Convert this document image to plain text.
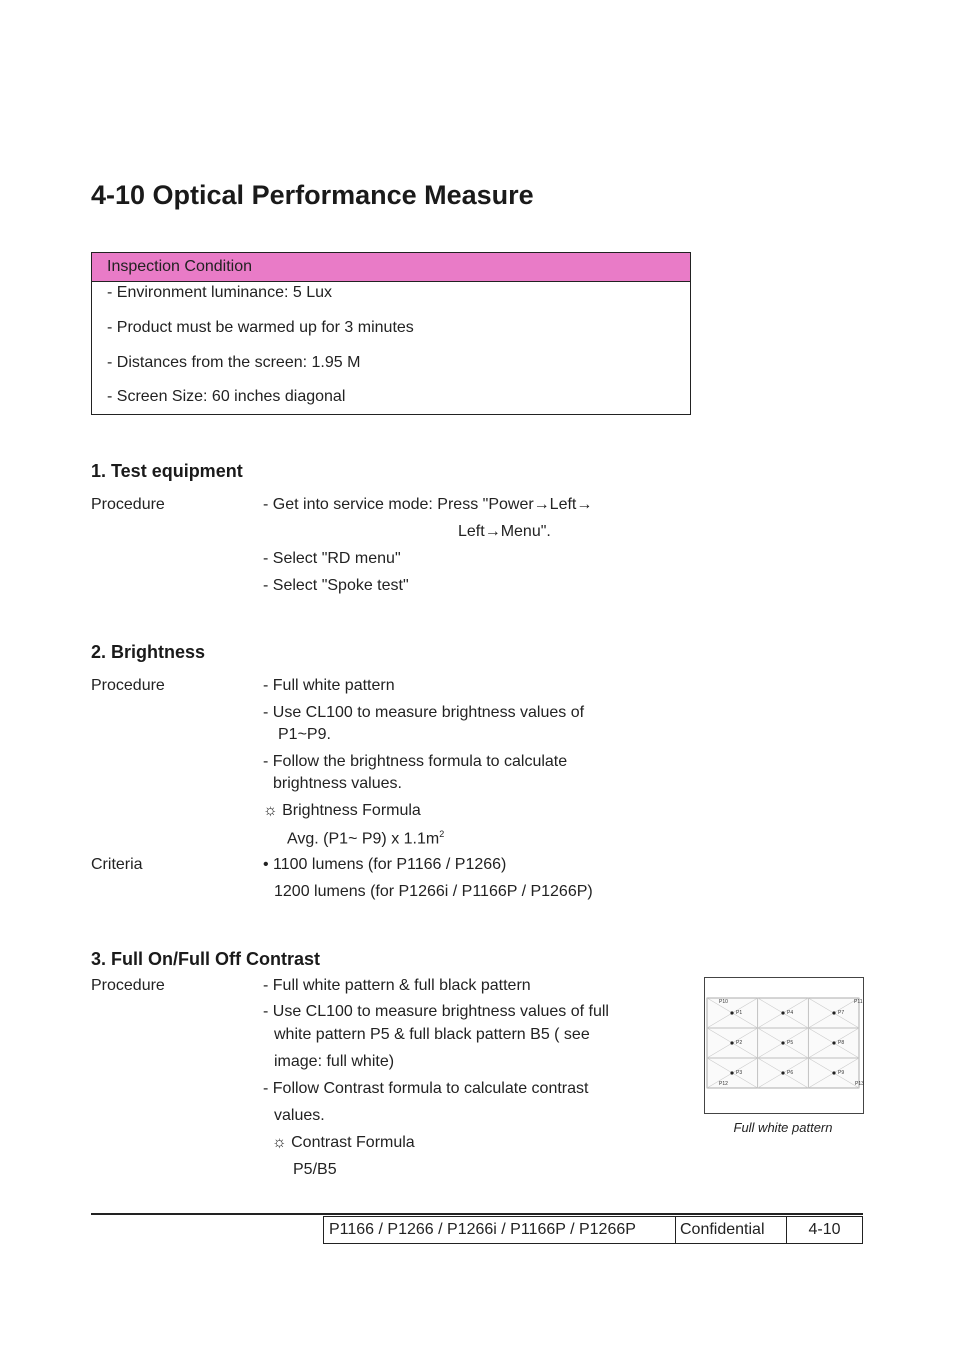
4-10 Optical Performance Measure
Inspection Condition
- Environment luminance: 5 Lux
- Product must be warmed up for 3 minutes
- Distances from the screen: 1.95 M
- Screen Size: 60 inches diagonal
1. Test equipment
Procedure	- Get into service mode: Press "Power→Left→
Left→Menu".
- Select "RD menu"
- Select "Spoke test"
2. Brightness
Procedure	- Full white pattern
- Use CL100 to measure brightness values of
P1~P9.
- Follow the brightness formula to calculate
brightness values.
☼ Brightness Formula
Avg. (P1~ P9) x $1.1m^2$
Criteria	• 1100 lumens (for P1166 / P1266)
1200 lumens (for P1266i / P1166P / P1266P)
3. Full On/Full Off Contrast
Procedure	- Full white pattern & full black pattern
- Use CL100 to measure brightness values of full
white pattern P5 & full black pattern B5 ( see
image: full white)
- Follow Contrast formula to calculate contrast
values.
☼ Contrast Formula
P5/B5
P1	P4	P7
P2	P5	P8
P3	P6	P9
P10	P11
P12	P13
Full white pattern
P1166 / P1266 / P1266i / P1166P / P1266P	Confidential	4-10
